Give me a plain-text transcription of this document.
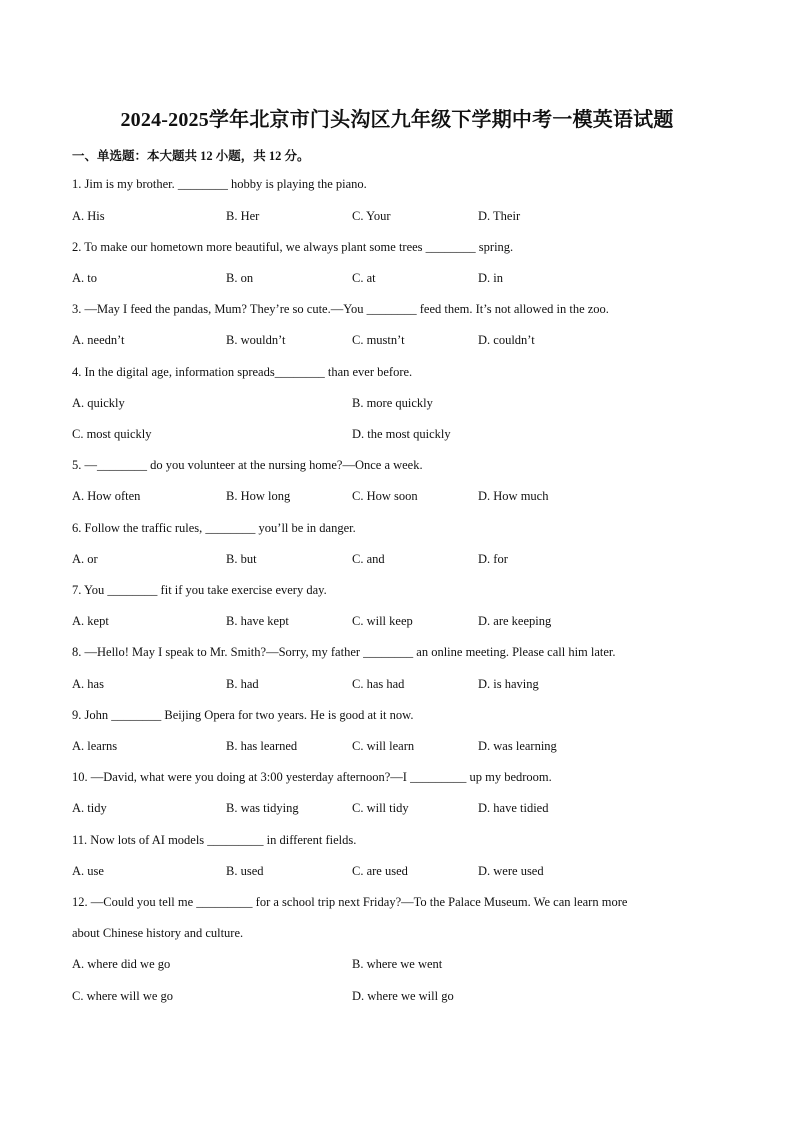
2024-2025学年北京市门头沟区九年级下学期中考一模英语试题
一、单选题：本大题共 12 小题，共 12 分。
1. Jim is my brother. ________ hobby is playing the piano.
A. His	B. Her	C. Your	D. Their
2. To make our hometown more beautiful, we always plant some trees ________ spring.
A. to	B. on	C. at	D. in
3. —May I feed the pandas, Mum? They’re so cute.—You ________ feed them. It’s not allowed in the zoo.
A. needn’t	B. wouldn’t	C. mustn’t	D. couldn’t
4. In the digital age, information spreads________ than ever before.
A. quickly	B. more quickly
C. most quickly	D. the most quickly
5. —________ do you volunteer at the nursing home?—Once a week.
A. How often	B. How long	C. How soon	D. How much
6. Follow the traffic rules, ________ you’ll be in danger.
A. or	B. but	C. and	D. for
7. You ________ fit if you take exercise every day.
A. kept	B. have kept	C. will keep	D. are keeping
8. —Hello! May I speak to Mr. Smith?—Sorry, my father ________ an online meeting. Please call him later.
A. has	B. had	C. has had	D. is having
9. John ________ Beijing Opera for two years. He is good at it now.
A. learns	B. has learned	C. will learn	D. was learning
10. —David, what were you doing at 3:00 yesterday afternoon?—I _________ up my bedroom.
A. tidy	B. was tidying	C. will tidy	D. have tidied
11. Now lots of AI models _________ in different fields.
A. use	B. used	C. are used	D. were used
12. —Could you tell me _________ for a school trip next Friday?—To the Palace Museum. We can learn more
about Chinese history and culture.
A. where did we go	B. where we went
C. where will we go	D. where we will go
